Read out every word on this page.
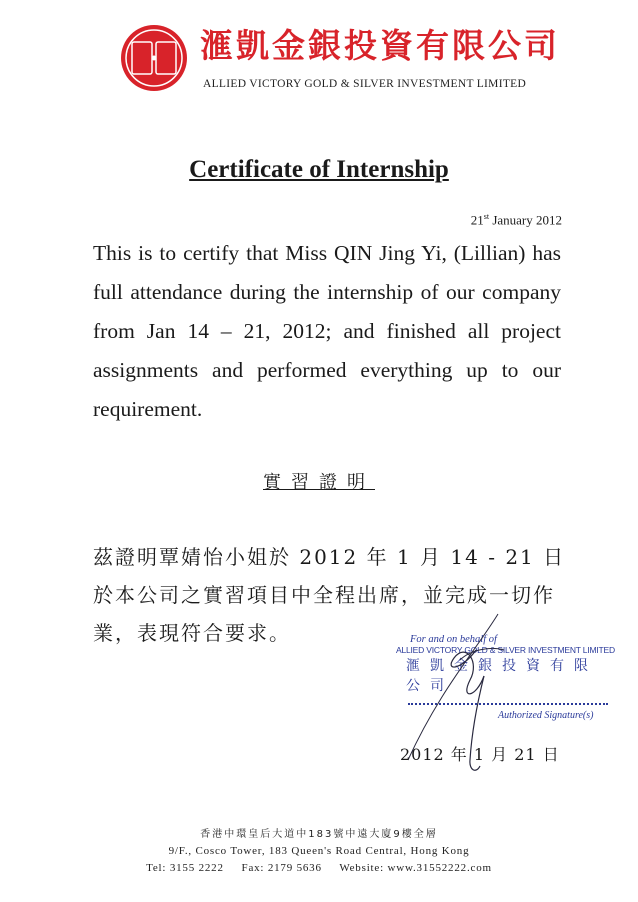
滙凱金銀投資有限公司
ALLIED VICTORY GOLD & SILVER INVESTMENT LIMITED
Certificate of Internship
21st January 2012
This is to certify that Miss QIN Jing Yi, (Lillian) has full attendance during the internship of our company from Jan 14 – 21, 2012; and finished all project assignments and performed everything up to our requirement.
實習證明
茲證明覃婧怡小姐於 2012 年 1 月 14 - 21 日於本公司之實習項目中全程出席，並完成一切作業，表現符合要求。	For and on behalf of
ALLIED VICTORY GOLD & SILVER INVESTMENT LIMITED
滙凱金銀投資有限公司
Authorized Signature(s)
2012 年 1 月 21 日
香港中環皇后大道中183號中遠大廈9樓全層
9/F., Cosco Tower, 183 Queen's Road Central, Hong Kong
Tel: 3155 2222     Fax: 2179 5636     Website: www.31552222.com
